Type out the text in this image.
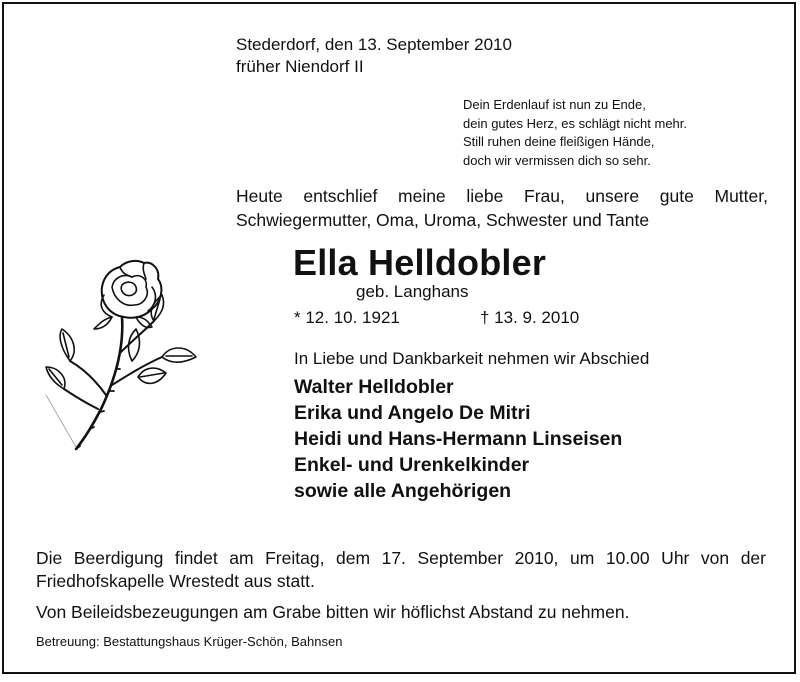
Stederdorf, den 13. September 2010
früher Niendorf II
Dein Erdenlauf ist nun zu Ende,
dein gutes Herz, es schlägt nicht mehr.
Still ruhen deine fleißigen Hände,
doch wir vermissen dich so sehr.
Heute entschlief meine liebe Frau, unsere gute Mutter,
Schwiegermutter, Oma, Uroma, Schwester und Tante
Ella Helldobler
geb. Langhans
* 12. 10. 1921	† 13. 9. 2010
In Liebe und Dankbarkeit nehmen wir Abschied
Walter Helldobler
Erika und Angelo De Mitri
Heidi und Hans-Hermann Linseisen
Enkel- und Urenkelkinder
sowie alle Angehörigen
Die Beerdigung findet am Freitag, dem 17. September 2010, um 10.00 Uhr von der
Friedhofskapelle Wrestedt aus statt.
Von Beileidsbezeugungen am Grabe bitten wir höflichst Abstand zu nehmen.
Betreuung: Bestattungshaus Krüger-Schön, Bahnsen
